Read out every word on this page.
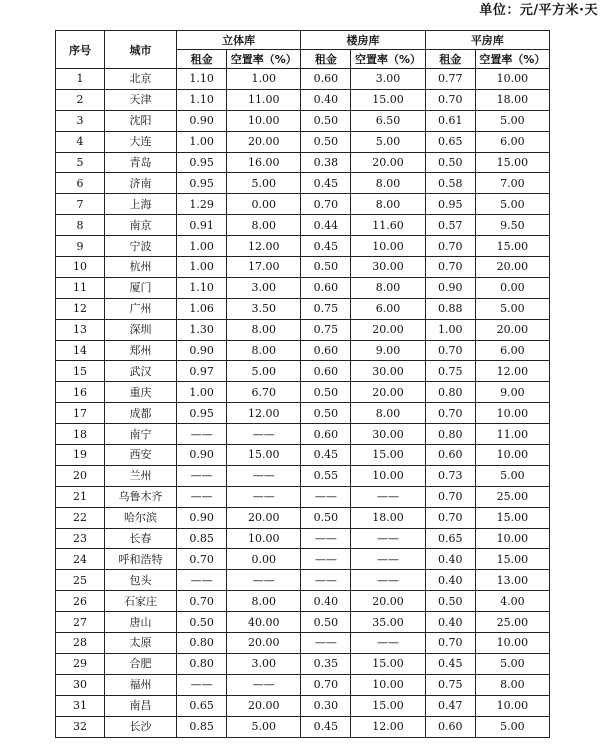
单位：元/平方米·天
序号	城市	立体库		楼房库		平房库	
		租金	空置率（%）	租金	空置率（%）	租金	空置率（%）
1	北京	1.10	1.00	0.60	3.00	0.77	10.00
2	天津	1.10	11.00	0.40	15.00	0.70	18.00
3	沈阳	0.90	10.00	0.50	6.50	0.61	5.00
4	大连	1.00	20.00	0.50	5.00	0.65	6.00
5	青岛	0.95	16.00	0.38	20.00	0.50	15.00
6	济南	0.95	5.00	0.45	8.00	0.58	7.00
7	上海	1.29	0.00	0.70	8.00	0.95	5.00
8	南京	0.91	8.00	0.44	11.60	0.57	9.50
9	宁波	1.00	12.00	0.45	10.00	0.70	15.00
10	杭州	1.00	17.00	0.50	30.00	0.70	20.00
11	厦门	1.10	3.00	0.60	8.00	0.90	0.00
12	广州	1.06	3.50	0.75	6.00	0.88	5.00
13	深圳	1.30	8.00	0.75	20.00	1.00	20.00
14	郑州	0.90	8.00	0.60	9.00	0.70	6.00
15	武汉	0.97	5.00	0.60	30.00	0.75	12.00
16	重庆	1.00	6.70	0.50	20.00	0.80	9.00
17	成都	0.95	12.00	0.50	8.00	0.70	10.00
18	南宁	——	——	0.60	30.00	0.80	11.00
19	西安	0.90	15.00	0.45	15.00	0.60	10.00
20	兰州	——	——	0.55	10.00	0.73	5.00
21	乌鲁木齐	——	——	——	——	0.70	25.00
22	哈尔滨	0.90	20.00	0.50	18.00	0.70	15.00
23	长春	0.85	10.00	——	——	0.65	10.00
24	呼和浩特	0.70	0.00	——	——	0.40	15.00
25	包头	——	——	——	——	0.40	13.00
26	石家庄	0.70	8.00	0.40	20.00	0.50	4.00
27	唐山	0.50	40.00	0.50	35.00	0.40	25.00
28	太原	0.80	20.00	——	——	0.70	10.00
29	合肥	0.80	3.00	0.35	15.00	0.45	5.00
30	福州	——	——	0.70	10.00	0.75	8.00
31	南昌	0.65	20.00	0.30	15.00	0.47	10.00
32	长沙	0.85	5.00	0.45	12.00	0.60	5.00
